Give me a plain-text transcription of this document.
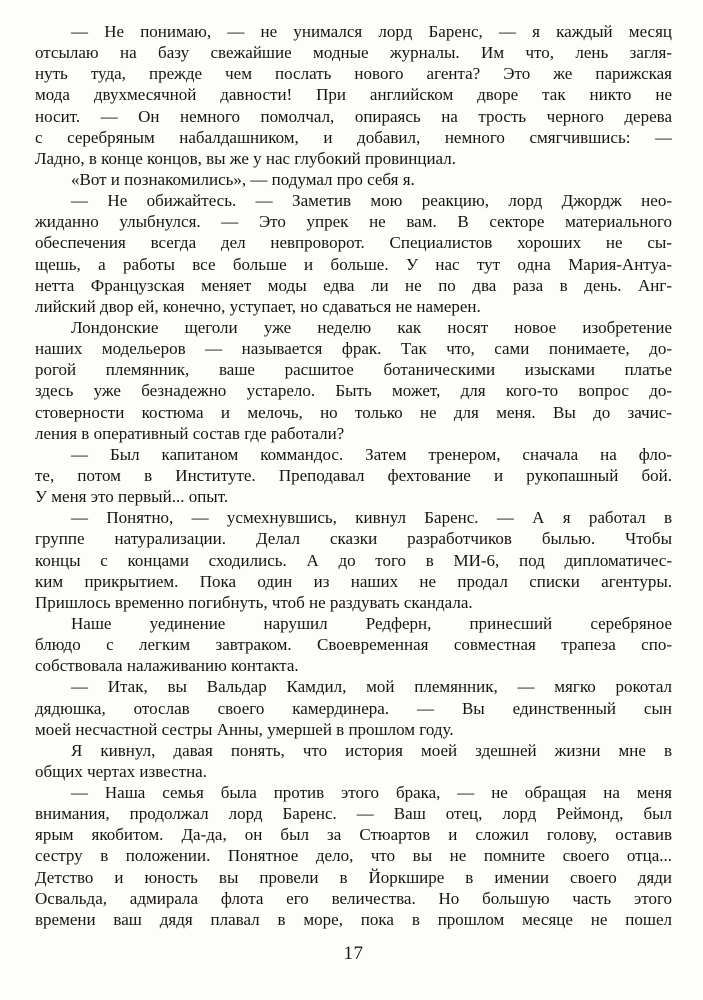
— Не понимаю, — не унимался лорд Баренс, — я каждый месяц
отсылаю на базу свежайшие модные журналы. Им что, лень загля-
нуть туда, прежде чем послать нового агента? Это же парижская
мода двухмесячной давности! При английском дворе так никто не
носит. — Он немного помолчал, опираясь на трость черного дерева
с серебряным набалдашником, и добавил, немного смягчившись: —
Ладно, в конце концов, вы же у нас глубокий провинциал.
«Вот и познакомились», — подумал про себя я.
— Не обижайтесь. — Заметив мою реакцию, лорд Джордж нео-
жиданно улыбнулся. — Это упрек не вам. В секторе материального
обеспечения всегда дел невпроворот. Специалистов хороших не сы-
щешь, а работы все больше и больше. У нас тут одна Мария-Антуа-
нетта Французская меняет моды едва ли не по два раза в день. Анг-
лийский двор ей, конечно, уступает, но сдаваться не намерен.
Лондонские щеголи уже неделю как носят новое изобретение
наших модельеров — называется фрак. Так что, сами понимаете, до-
рогой племянник, ваше расшитое ботаническими изысками платье
здесь уже безнадежно устарело. Быть может, для кого-то вопрос до-
стоверности костюма и мелочь, но только не для меня. Вы до зачис-
ления в оперативный состав где работали?
— Был капитаном коммандос. Затем тренером, сначала на фло-
те, потом в Институте. Преподавал фехтование и рукопашный бой.
У меня это первый... опыт.
— Понятно, — усмехнувшись, кивнул Баренс. — А я работал в
группе натурализации. Делал сказки разработчиков былью. Чтобы
концы с концами сходились. А до того в МИ-6, под дипломатичес-
ким прикрытием. Пока один из наших не продал списки агентуры.
Пришлось временно погибнуть, чтоб не раздувать скандала.
Наше уединение нарушил Редферн, принесший серебряное
блюдо с легким завтраком. Своевременная совместная трапеза спо-
собствовала налаживанию контакта.
— Итак, вы Вальдар Камдил, мой племянник, — мягко рокотал
дядюшка, отослав своего камердинера. — Вы единственный сын
моей несчастной сестры Анны, умершей в прошлом году.
Я кивнул, давая понять, что история моей здешней жизни мне в
общих чертах известна.
— Наша семья была против этого брака, — не обращая на меня
внимания, продолжал лорд Баренс. — Ваш отец, лорд Реймонд, был
ярым якобитом. Да-да, он был за Стюартов и сложил голову, оставив
сестру в положении. Понятное дело, что вы не помните своего отца...
Детство и юность вы провели в Йоркшире в имении своего дяди
Освальда, адмирала флота его величества. Но большую часть этого
времени ваш дядя плавал в море, пока в прошлом месяце не пошел
17
